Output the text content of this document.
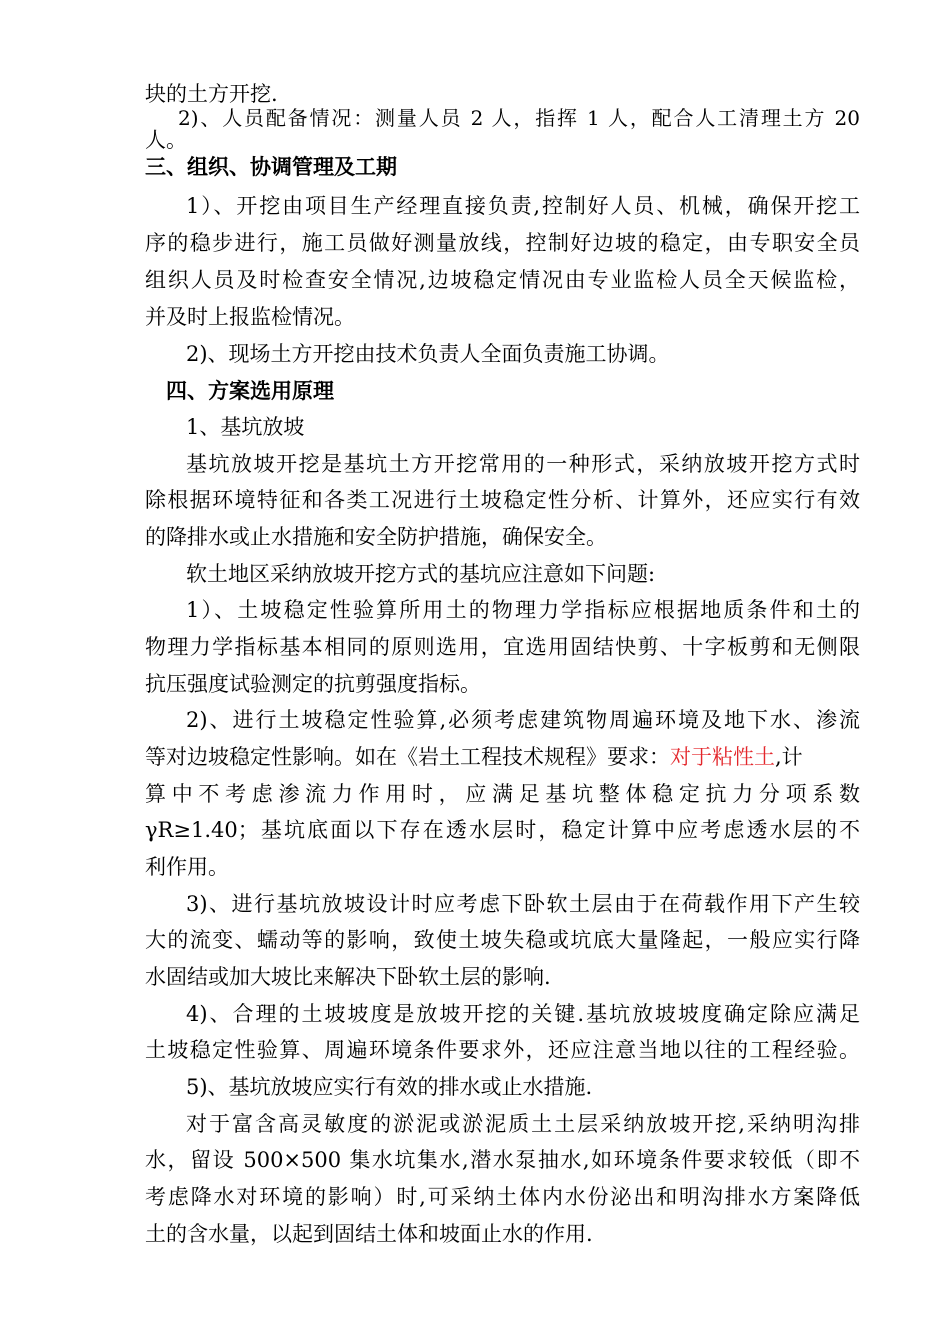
块的土方开挖.
2)、人员配备情况：测量人员 2 人，指挥 1 人，配合人工清理土方 20
人。
三、组织、协调管理及工期
1）、开挖由项目生产经理直接负责,控制好人员、机械，确保开挖工
序的稳步进行，施工员做好测量放线，控制好边坡的稳定，由专职安全员
组织人员及时检查安全情况,边坡稳定情况由专业监检人员全天候监检，
并及时上报监检情况。
2)、现场土方开挖由技术负责人全面负责施工协调。
四、方案选用原理
1、基坑放坡
基坑放坡开挖是基坑土方开挖常用的一种形式，采纳放坡开挖方式时
除根据环境特征和各类工况进行土坡稳定性分析、计算外，还应实行有效
的降排水或止水措施和安全防护措施，确保安全。
软土地区采纳放坡开挖方式的基坑应注意如下问题:
1）、土坡稳定性验算所用土的物理力学指标应根据地质条件和土的
物理力学指标基本相同的原则选用，宜选用固结快剪、十字板剪和无侧限
抗压强度试验测定的抗剪强度指标。
2)、进行土坡稳定性验算,必须考虑建筑物周遍环境及地下水、渗流
等对边坡稳定性影响。如在《岩土工程技术规程》要求：对于粘性土,计
算中不考虑渗流力作用时，应满足基坑整体稳定抗力分项系数
γR≥1.40；基坑底面以下存在透水层时，稳定计算中应考虑透水层的不
利作用。
3)、进行基坑放坡设计时应考虑下卧软土层由于在荷载作用下产生较
大的流变、蠕动等的影响，致使土坡失稳或坑底大量隆起，一般应实行降
水固结或加大坡比来解决下卧软土层的影响.
4)、合理的土坡坡度是放坡开挖的关键.基坑放坡坡度确定除应满足
土坡稳定性验算、周遍环境条件要求外，还应注意当地以往的工程经验。
5)、基坑放坡应实行有效的排水或止水措施.
对于富含高灵敏度的淤泥或淤泥质土土层采纳放坡开挖,采纳明沟排
水，留设 500×500 集水坑集水,潜水泵抽水,如环境条件要求较低（即不
考虑降水对环境的影响）时,可采纳土体内水份泌出和明沟排水方案降低
土的含水量，以起到固结土体和坡面止水的作用.
